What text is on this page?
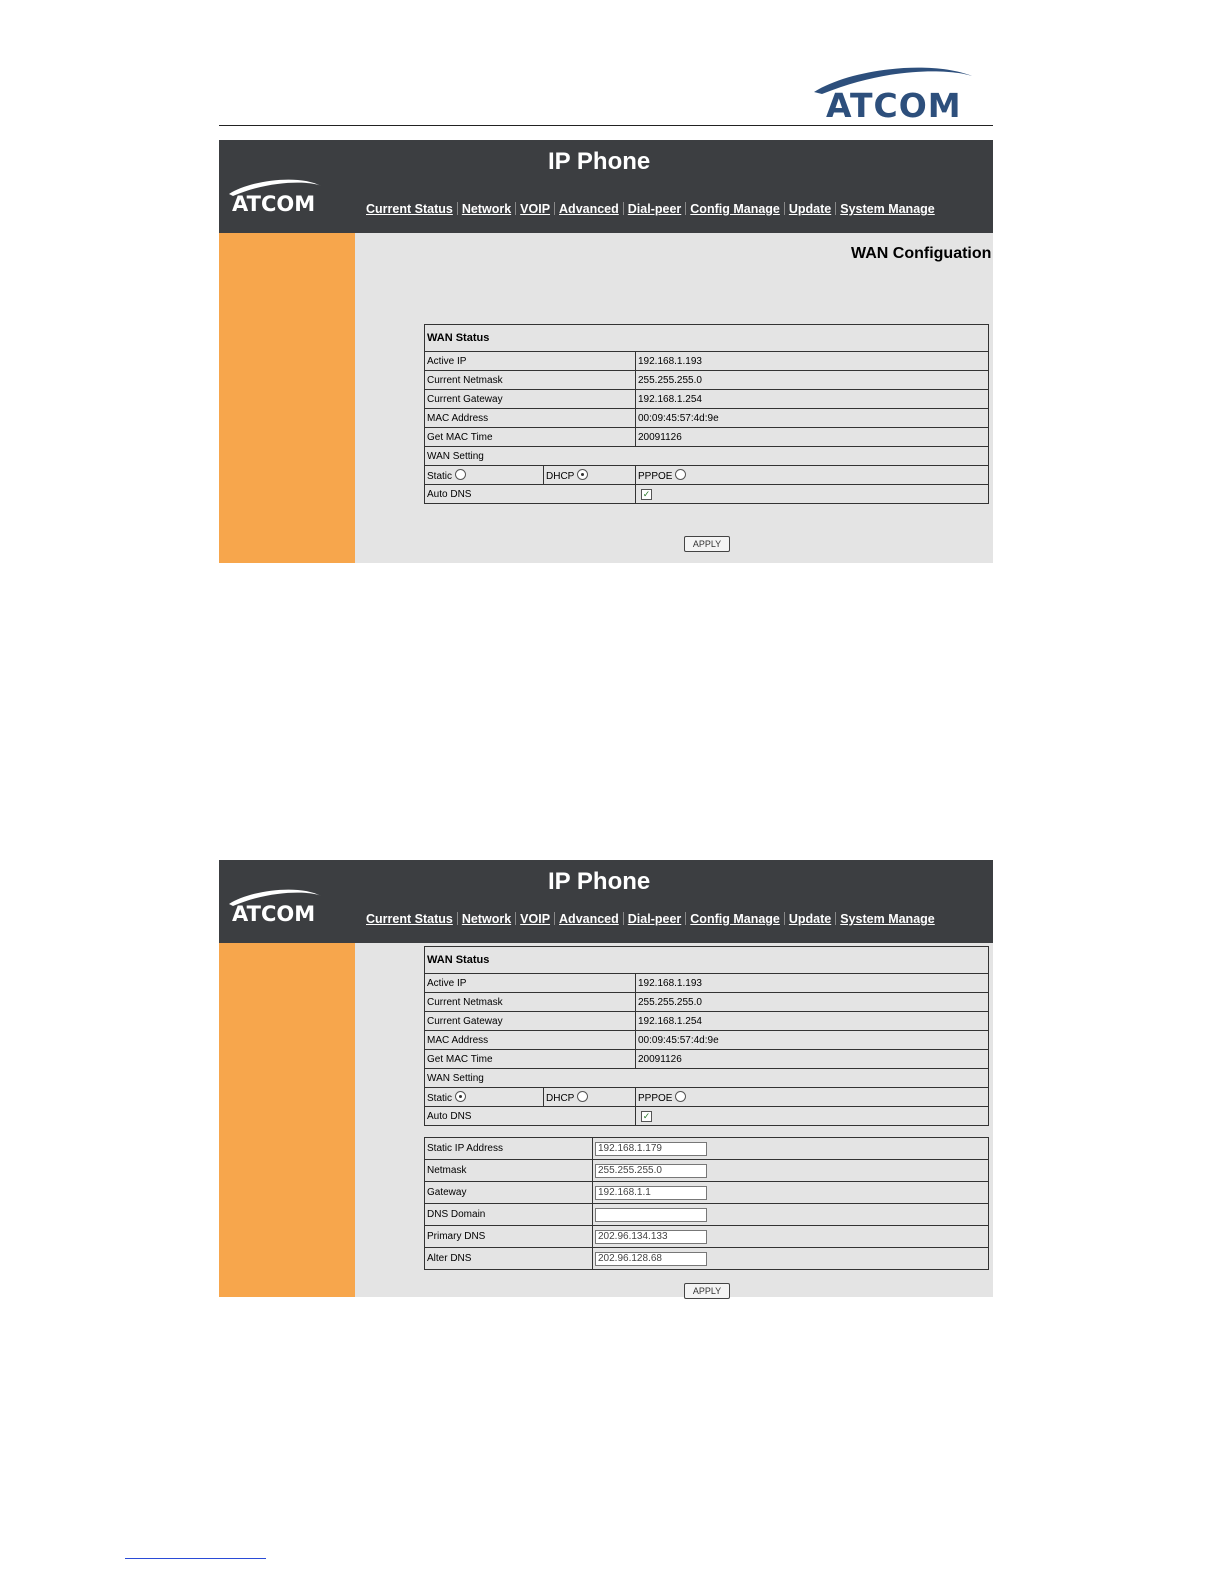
ATCOM
IP Phone
ATCOM	Current Status Network VOIP Advanced Dial-peer Config Manage Update System Manage
WAN Configuation
WAN Status		
Active IP		192.168.1.193
Current Netmask		255.255.255.0
Current Gateway		192.168.1.254
MAC Address		00:09:45:57:4d:9e
Get MAC Time		20091126
WAN Setting		
Static	DHCP	PPPOE
Auto DNS		✓
APPLY
IP Phone
ATCOM	Current Status Network VOIP Advanced Dial-peer Config Manage Update System Manage
WAN Status		
Active IP		192.168.1.193
Current Netmask		255.255.255.0
Current Gateway		192.168.1.254
MAC Address		00:09:45:57:4d:9e
Get MAC Time		20091126
WAN Setting		
Static	DHCP	PPPOE
Auto DNS		✓
Static IP Address	192.168.1.179
Netmask	255.255.255.0
Gateway	192.168.1.1
DNS Domain	
Primary DNS	202.96.134.133
Alter DNS	202.96.128.68
APPLY
